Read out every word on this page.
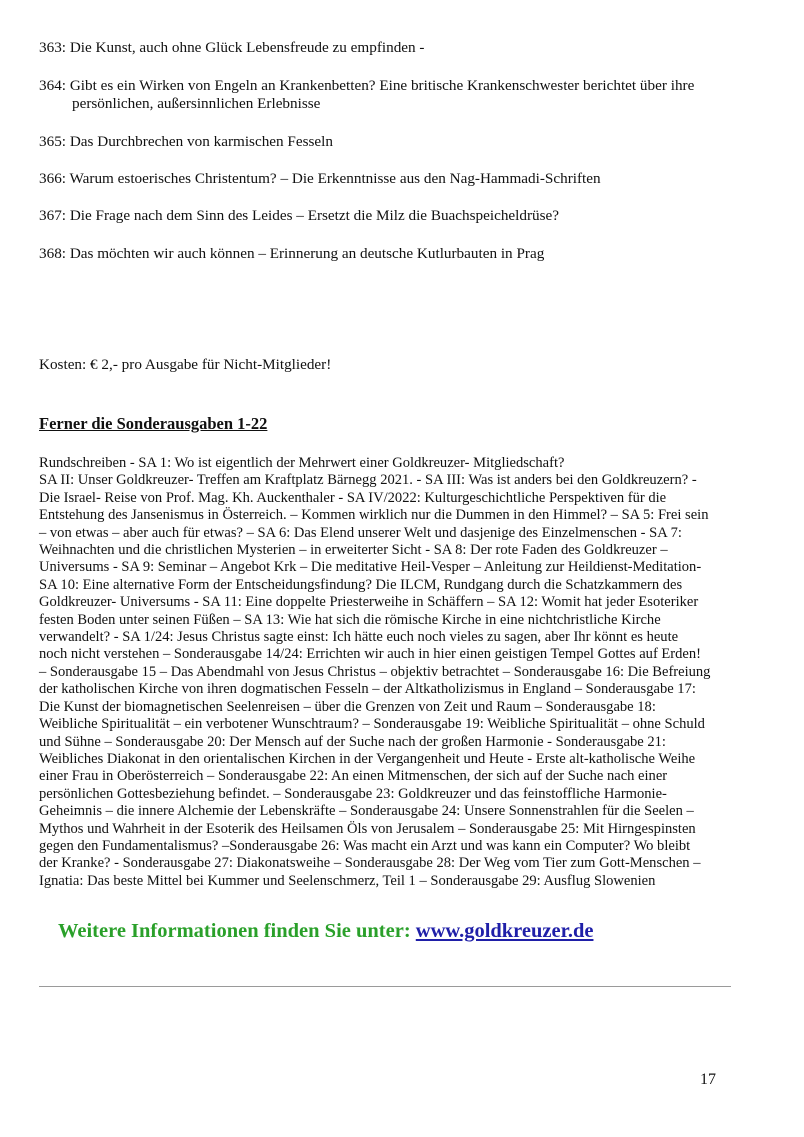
363: Die Kunst, auch ohne Glück Lebensfreude zu empfinden -
364: Gibt es ein Wirken von Engeln an Krankenbetten? Eine britische Krankenschwester berichtet über ihre
persönlichen, außersinnlichen Erlebnisse
365: Das Durchbrechen von karmischen Fesseln
366: Warum estoerisches Christentum? – Die Erkenntnisse aus den Nag-Hammadi-Schriften
367: Die Frage nach dem Sinn des Leides – Ersetzt die Milz die Buachspeicheldrüse?
368: Das möchten wir auch können – Erinnerung an deutsche Kutlurbauten in Prag
Kosten: € 2,- pro Ausgabe für Nicht-Mitglieder!
Ferner die Sonderausgaben 1-22
Rundschreiben - SA 1: Wo ist eigentlich der Mehrwert einer Goldkreuzer- Mitgliedschaft?
SA II: Unser Goldkreuzer- Treffen am Kraftplatz Bärnegg 2021. - SA III: Was ist anders bei den Goldkreuzern? -
Die Israel- Reise von Prof. Mag. Kh. Auckenthaler - SA IV/2022: Kulturgeschichtliche Perspektiven für die
Entstehung des Jansenismus in Österreich. – Kommen wirklich nur die Dummen in den Himmel? – SA 5: Frei sein
– von etwas – aber auch für etwas? – SA 6: Das Elend unserer Welt und dasjenige des Einzelmenschen - SA 7:
Weihnachten und die christlichen Mysterien – in erweiterter Sicht - SA 8: Der rote Faden des Goldkreuzer –
Universums - SA 9: Seminar – Angebot Krk – Die meditative Heil-Vesper – Anleitung zur Heildienst-Meditation-
SA 10: Eine alternative Form der Entscheidungsfindung? Die ILCM, Rundgang durch die Schatzkammern des
Goldkreuzer- Universums - SA 11: Eine doppelte Priesterweihe in Schäffern – SA 12: Womit hat jeder Esoteriker
festen Boden unter seinen Füßen – SA 13: Wie hat sich die römische Kirche in eine nichtchristliche Kirche
verwandelt? - SA 1/24: Jesus Christus sagte einst: Ich hätte euch noch vieles zu sagen, aber Ihr könnt es heute
noch nicht verstehen – Sonderausgabe 14/24: Errichten wir auch in hier einen geistigen Tempel Gottes auf Erden!
– Sonderausgabe 15 – Das Abendmahl von Jesus Christus – objektiv betrachtet – Sonderausgabe 16: Die Befreiung
der katholischen Kirche von ihren dogmatischen Fesseln – der Altkatholizismus in England – Sonderausgabe 17:
Die Kunst der biomagnetischen Seelenreisen – über die Grenzen von Zeit und Raum – Sonderausgabe 18:
Weibliche Spiritualität – ein verbotener Wunschtraum? – Sonderausgabe 19: Weibliche Spiritualität – ohne Schuld
und Sühne – Sonderausgabe 20: Der Mensch auf der Suche nach der großen Harmonie - Sonderausgabe 21:
Weibliches Diakonat in den orientalischen Kirchen in der Vergangenheit und Heute - Erste alt-katholische Weihe
einer Frau in Oberösterreich – Sonderausgabe 22: An einen Mitmenschen, der sich auf der Suche nach einer
persönlichen Gottesbeziehung befindet. – Sonderausgabe 23: Goldkreuzer und das feinstoffliche Harmonie-
Geheimnis – die innere Alchemie der Lebenskräfte – Sonderausgabe 24: Unsere Sonnenstrahlen für die Seelen –
Mythos und Wahrheit in der Esoterik des Heilsamen Öls von Jerusalem – Sonderausgabe 25: Mit Hirngespinsten
gegen den Fundamentalismus? –Sonderausgabe 26: Was macht ein Arzt und was kann ein Computer? Wo bleibt
der Kranke? - Sonderausgabe 27: Diakonatsweihe – Sonderausgabe 28: Der Weg vom Tier zum Gott-Menschen –
Ignatia: Das beste Mittel bei Kummer und Seelenschmerz, Teil 1 – Sonderausgabe 29: Ausflug Slowenien
Weitere Informationen finden Sie unter: www.goldkreuzer.de
17
